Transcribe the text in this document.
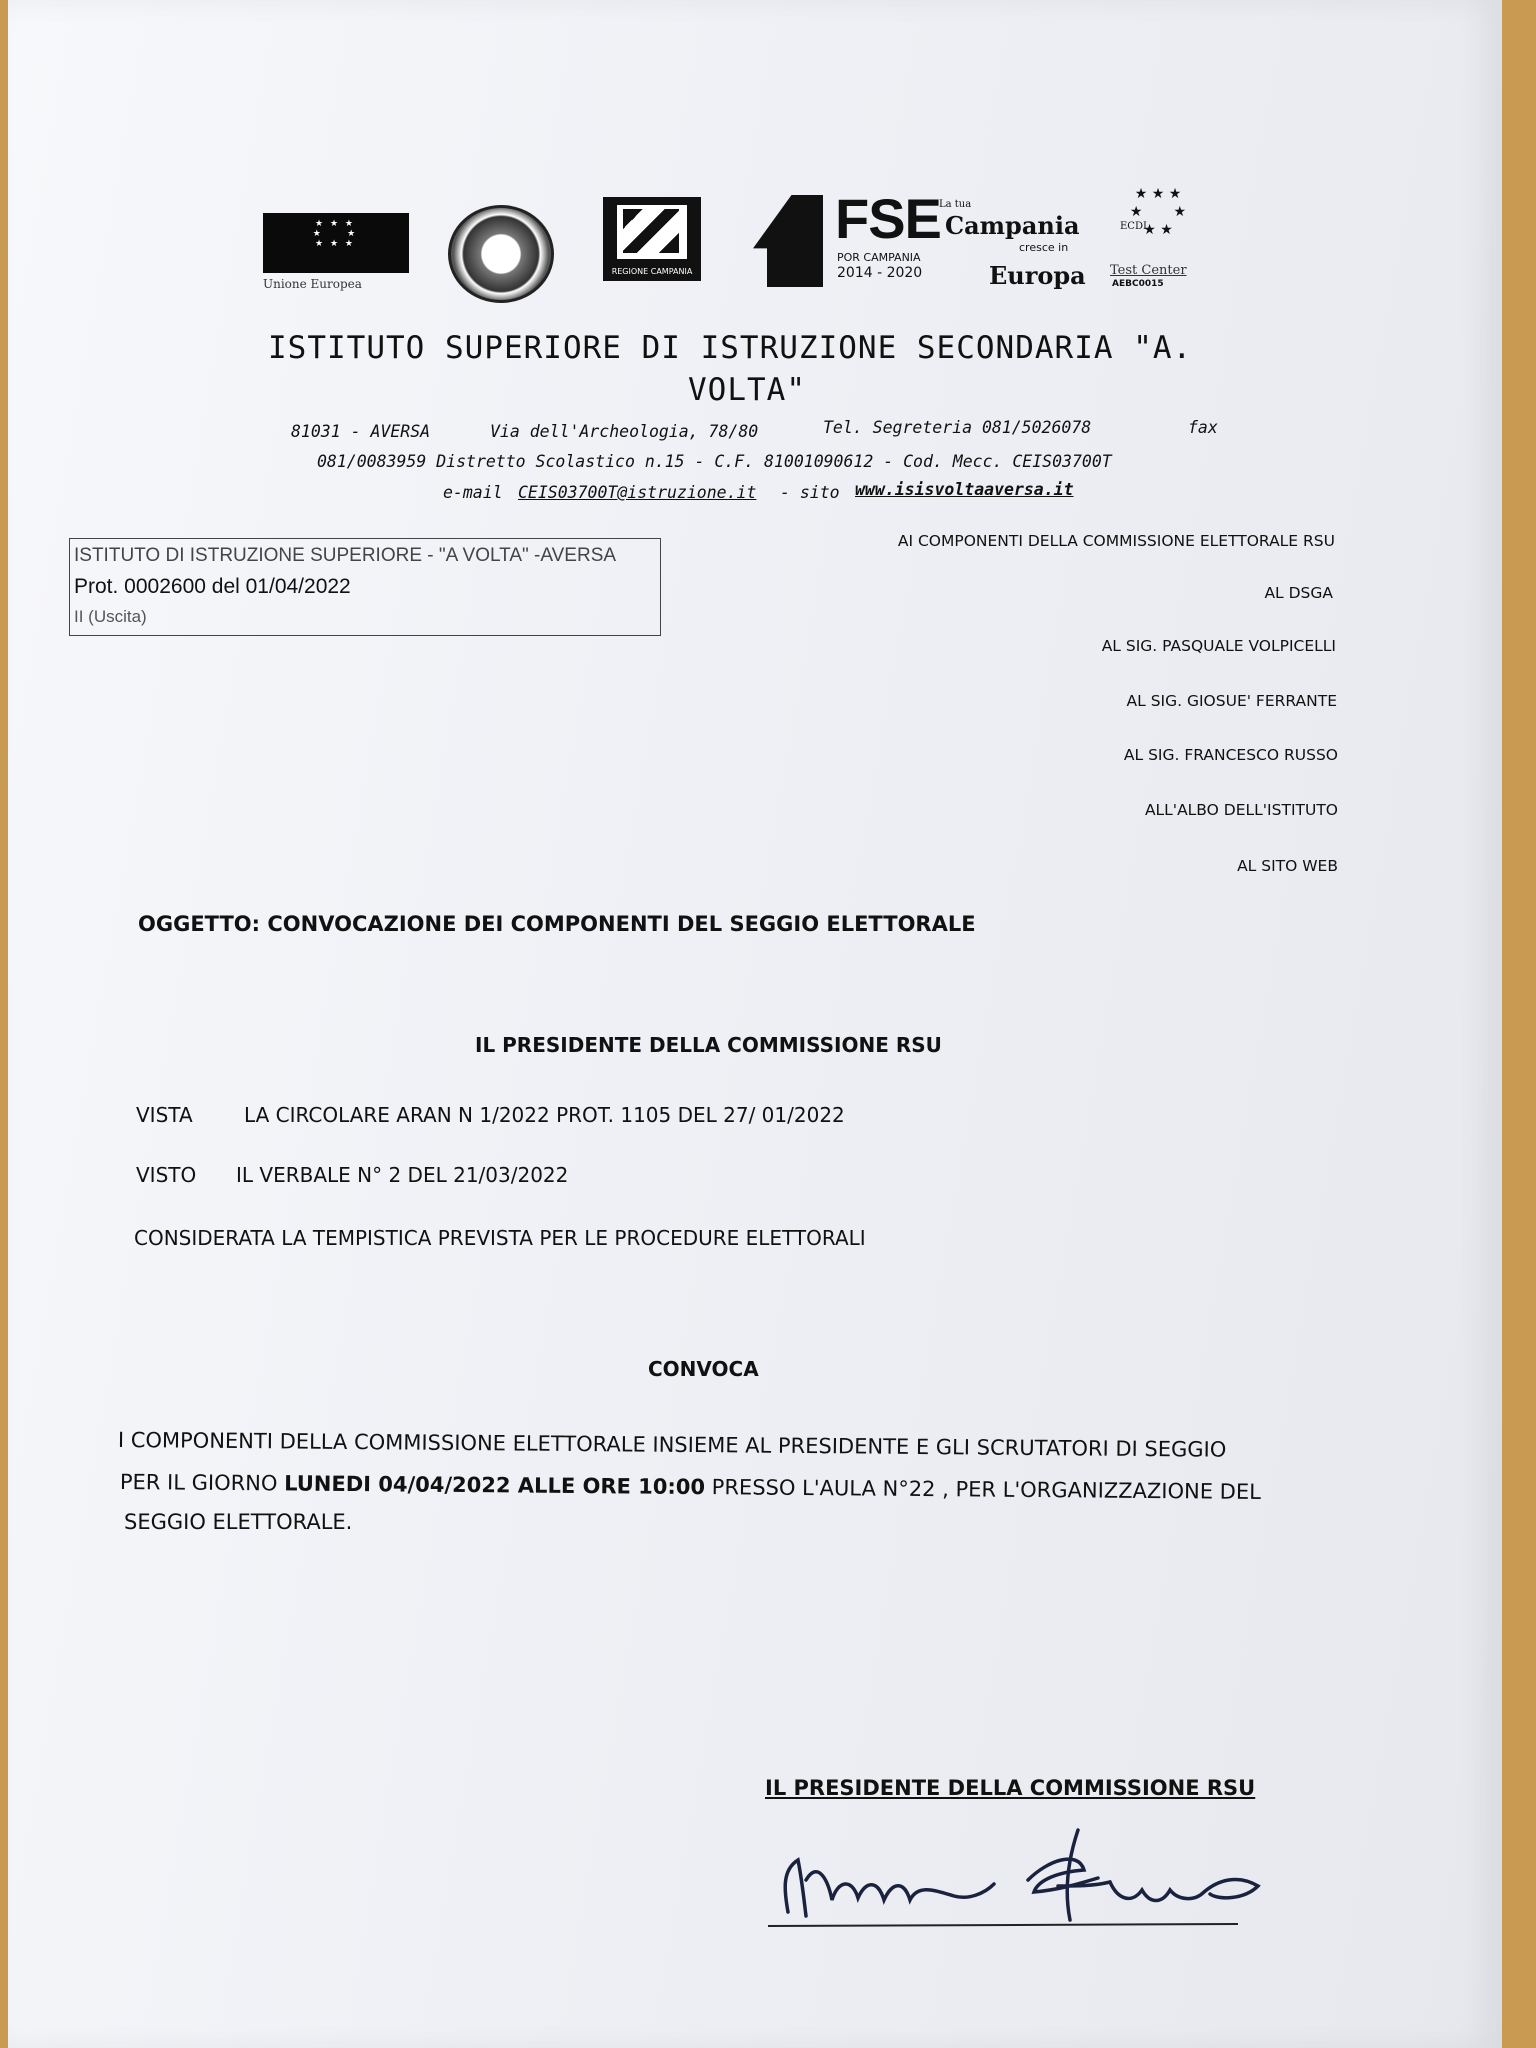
★ ★ ★
★     ★
★ ★ ★
Unione Europea
REGIONE CAMPANIA
FSE
POR CAMPANIA
2014 - 2020
La tua
Campania
cresce in
Europa
★ ★ ★
★       ★
★ ★
ECDL
Test Center
AEBC0015
ISTITUTO SUPERIORE DI ISTRUZIONE SECONDARIA "A.
VOLTA"
81031 - AVERSA	Via dell'Archeologia, 78/80	Tel. Segreteria 081/5026078	fax
081/0083959 Distretto Scolastico n.15 - C.F. 81001090612 - Cod. Mecc. CEIS03700T
e-mail CEIS03700T@istruzione.it - sito www.isisvoltaaversa.it
ISTITUTO DI ISTRUZIONE SUPERIORE - "A VOLTA" -AVERSA
Prot. 0002600 del 01/04/2022
II (Uscita)
AI COMPONENTI DELLA COMMISSIONE ELETTORALE RSU
AL DSGA
AL SIG. PASQUALE VOLPICELLI
AL SIG. GIOSUE' FERRANTE
AL SIG. FRANCESCO RUSSO
ALL'ALBO DELL'ISTITUTO
AL SITO WEB
OGGETTO: CONVOCAZIONE DEI COMPONENTI DEL SEGGIO ELETTORALE
IL PRESIDENTE DELLA COMMISSIONE RSU
VISTA	LA CIRCOLARE ARAN N 1/2022 PROT. 1105 DEL 27/ 01/2022
VISTO IL VERBALE N° 2 DEL 21/03/2022
CONSIDERATA LA TEMPISTICA PREVISTA PER LE PROCEDURE ELETTORALI
CONVOCA
I COMPONENTI DELLA COMMISSIONE ELETTORALE INSIEME AL PRESIDENTE E GLI SCRUTATORI DI SEGGIO
PER IL GIORNO LUNEDI 04/04/2022 ALLE ORE 10:00 PRESSO L'AULA N°22 , PER L'ORGANIZZAZIONE DEL
SEGGIO ELETTORALE.
IL PRESIDENTE DELLA COMMISSIONE RSU
